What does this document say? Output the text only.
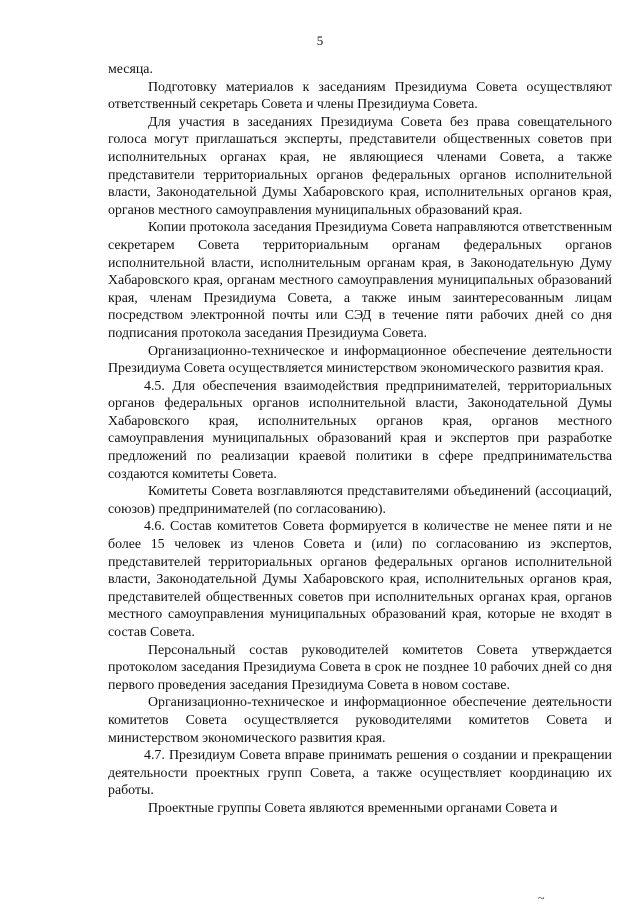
5

месяца.

Подготовку материалов к заседаниям Президиума Совета осуществляют ответственный секретарь Совета и члены Президиума Совета.

Для участия в заседаниях Президиума Совета без права совещательного голоса могут приглашаться эксперты, представители общественных советов при исполнительных органах края, не являющиеся членами Совета, а также представители территориальных органов федеральных органов исполнительной власти, Законодательной Думы Хабаровского края, исполнительных органов края, органов местного самоуправления муниципальных образований края.

Копии протокола заседания Президиума Совета направляются ответственным секретарем Совета территориальным органам федеральных органов исполнительной власти, исполнительным органам края, в Законодательную Думу Хабаровского края, органам местного самоуправления муниципальных образований края, членам Президиума Совета, а также иным заинтересованным лицам посредством электронной почты или СЭД в течение пяти рабочих дней со дня подписания протокола заседания Президиума Совета.

Организационно-техническое и информационное обеспечение деятельности Президиума Совета осуществляется министерством экономического развития края.

4.5. Для обеспечения взаимодействия предпринимателей, территориальных органов федеральных органов исполнительной власти, Законодательной Думы Хабаровского края, исполнительных органов края, органов местного самоуправления муниципальных образований края и экспертов при разработке предложений по реализации краевой политики в сфере предпринимательства создаются комитеты Совета.

Комитеты Совета возглавляются представителями объединений (ассоциаций, союзов) предпринимателей (по согласованию).

4.6. Состав комитетов Совета формируется в количестве не менее пяти и не более 15 человек из членов Совета и (или) по согласованию из экспертов, представителей территориальных органов федеральных органов исполнительной власти, Законодательной Думы Хабаровского края, исполнительных органов края, представителей общественных советов при исполнительных органах края, органов местного самоуправления муниципальных образований края, которые не входят в состав Совета.

Персональный состав руководителей комитетов Совета утверждается протоколом заседания Президиума Совета в срок не позднее 10 рабочих дней со дня первого проведения заседания Президиума Совета в новом составе.

Организационно-техническое и информационное обеспечение деятельности комитетов Совета осуществляется руководителями комитетов Совета и министерством экономического развития края.

4.7. Президиум Совета вправе принимать решения о создании и прекращении деятельности проектных групп Совета, а также осуществляет координацию их работы.

Проектные группы Совета являются временными органами Совета и

~
